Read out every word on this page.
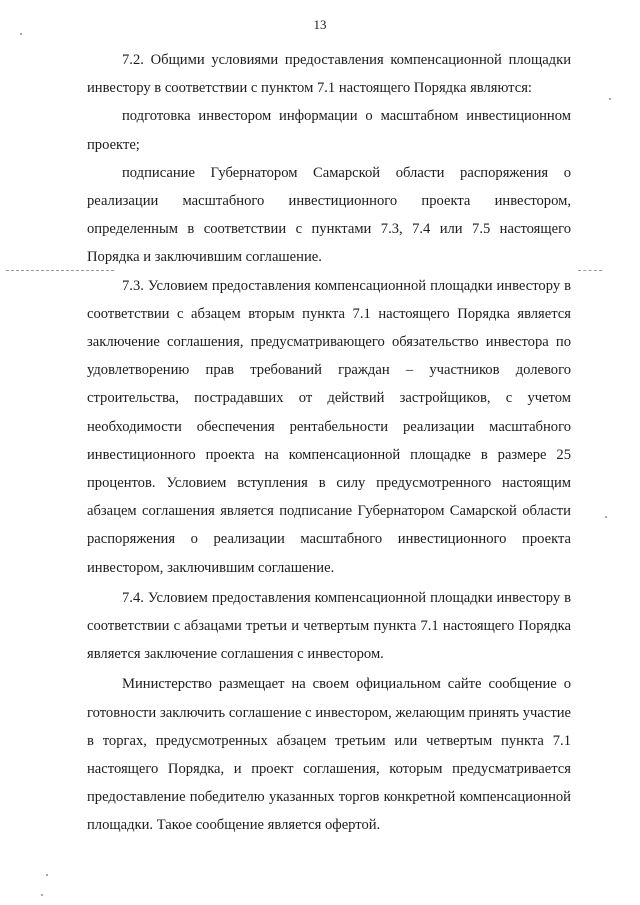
13

7.2. Общими условиями предоставления компенсационной площадки инвестору в соответствии с пунктом 7.1 настоящего Порядка являются:

подготовка инвестором информации о масштабном инвестиционном проекте;

подписание Губернатором Самарской области распоряжения о реализации масштабного инвестиционного проекта инвестором, определенным в соответствии с пунктами 7.3, 7.4 или 7.5 настоящего Порядка и заключившим соглашение.

7.3. Условием предоставления компенсационной площадки инвестору в соответствии с абзацем вторым пункта 7.1 настоящего Порядка является заключение соглашения, предусматривающего обязательство инвестора по удовлетворению прав требований граждан – участников долевого строительства, пострадавших от действий застройщиков, с учетом необходимости обеспечения рентабельности реализации масштабного инвестиционного проекта на компенсационной площадке в размере 25 процентов. Условием вступления в силу предусмотренного настоящим абзацем соглашения является подписание Губернатором Самарской области распоряжения о реализации масштабного инвестиционного проекта инвестором, заключившим соглашение.

7.4. Условием предоставления компенсационной площадки инвестору в соответствии с абзацами третьи и четвертым пункта 7.1 настоящего Порядка является заключение соглашения с инвестором.

Министерство размещает на своем официальном сайте сообщение о готовности заключить соглашение с инвестором, желающим принять участие в торгах, предусмотренных абзацем третьим или четвертым пункта 7.1 настоящего Порядка, и проект соглашения, которым предусматривается предоставление победителю указанных торгов конкретной компенсационной площадки. Такое сообщение является офертой.
